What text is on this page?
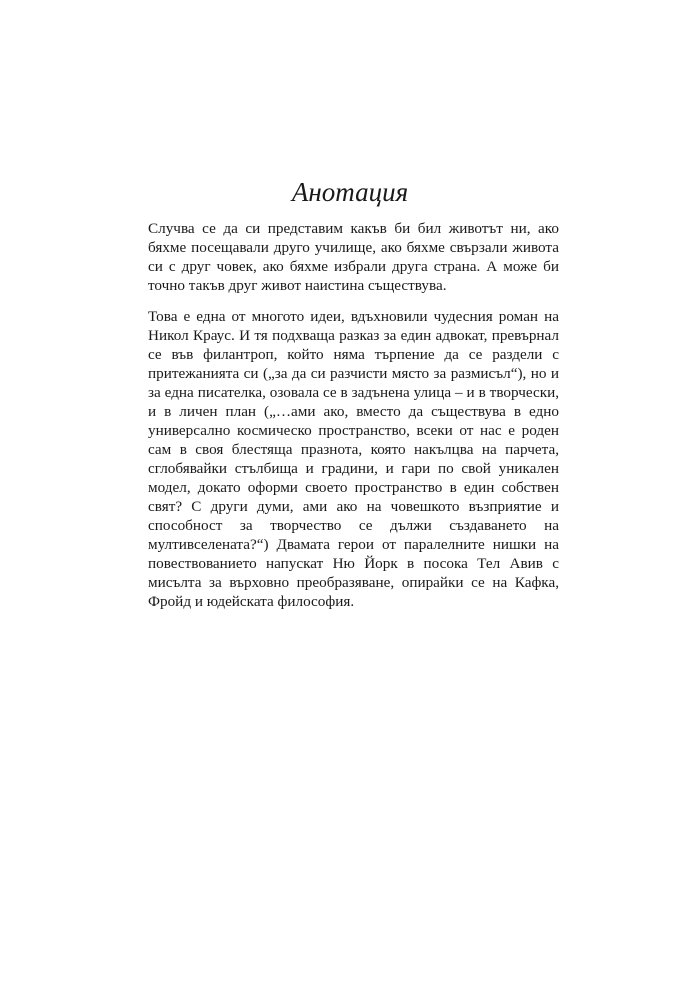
Анотация

Случва се да си представим какъв би бил животът ни, ако бяхме посещавали друго училище, ако бяхме свързали живота си с друг човек, ако бяхме избрали друга страна. А може би точно такъв друг живот наистина съществува.

Това е една от многото идеи, вдъхновили чудесния роман на Никол Краус. И тя подхваща разказ за един адвокат, превърнал се във филантроп, който няма търпение да се раздели с притежанията си („за да си разчисти място за размисъл“), но и за една писателка, озовала се в задънена улица – и в творчески, и в личен план („…ами ако, вместо да съществува в едно универсално космическо пространство, всеки от нас е роден сам в своя блестяща празнота, която накълцва на парчета, сглобявайки стълбища и градини, и гари по свой уникален модел, докато оформи своето пространство в един собствен свят? С други думи, ами ако на човешкото възприятие и способност за творчество се дължи създаването на мултивселената?“) Двамата герои от паралелните нишки на повествованието напускат Ню Йорк в посока Тел Авив с мисълта за върховно преобразяване, опирайки се на Кафка, Фройд и юдейската философия.
